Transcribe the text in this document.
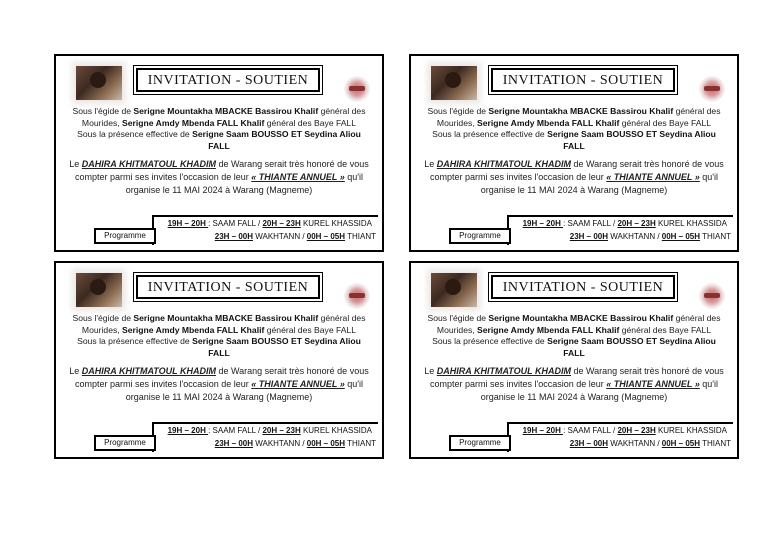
INVITATION - SOUTIEN
Sous l'égide de Serigne Mountakha MBACKE Bassirou Khalif général des Mourides, Serigne Amdy Mbenda FALL Khalif général des Baye FALL
Sous la présence effective de Serigne Saam BOUSSO ET Seydina Aliou FALL
Le DAHIRA KHITMATOUL KHADIM de Warang serait très honoré de vous compter parmi ses invites l'occasion de leur « THIANTE ANNUEL » qu'il organise le 11 MAI 2024 à Warang (Magneme)
19H – 20H : SAAM FALL / 20H – 23H KUREL KHASSIDA
23H – 00H WAKHTANN / 00H – 05H THIANT
Programme
INVITATION - SOUTIEN
Sous l'égide de Serigne Mountakha MBACKE Bassirou Khalif général des Mourides, Serigne Amdy Mbenda FALL Khalif général des Baye FALL
Sous la présence effective de Serigne Saam BOUSSO ET Seydina Aliou FALL
Le DAHIRA KHITMATOUL KHADIM de Warang serait très honoré de vous compter parmi ses invites l'occasion de leur « THIANTE ANNUEL » qu'il organise le 11 MAI 2024 à Warang (Magneme)
19H – 20H : SAAM FALL / 20H – 23H KUREL KHASSIDA
23H – 00H WAKHTANN / 00H – 05H THIANT
Programme
INVITATION - SOUTIEN
Sous l'égide de Serigne Mountakha MBACKE Bassirou Khalif général des Mourides, Serigne Amdy Mbenda FALL Khalif général des Baye FALL
Sous la présence effective de Serigne Saam BOUSSO ET Seydina Aliou FALL
Le DAHIRA KHITMATOUL KHADIM de Warang serait très honoré de vous compter parmi ses invites l'occasion de leur « THIANTE ANNUEL » qu'il organise le 11 MAI 2024 à Warang (Magneme)
19H – 20H : SAAM FALL / 20H – 23H KUREL KHASSIDA
23H – 00H WAKHTANN / 00H – 05H THIANT
Programme
INVITATION - SOUTIEN
Sous l'égide de Serigne Mountakha MBACKE Bassirou Khalif général des Mourides, Serigne Amdy Mbenda FALL Khalif général des Baye FALL
Sous la présence effective de Serigne Saam BOUSSO ET Seydina Aliou FALL
Le DAHIRA KHITMATOUL KHADIM de Warang serait très honoré de vous compter parmi ses invites l'occasion de leur « THIANTE ANNUEL » qu'il organise le 11 MAI 2024 à Warang (Magneme)
19H – 20H : SAAM FALL / 20H – 23H KUREL KHASSIDA
23H – 00H WAKHTANN / 00H – 05H THIANT
Programme
